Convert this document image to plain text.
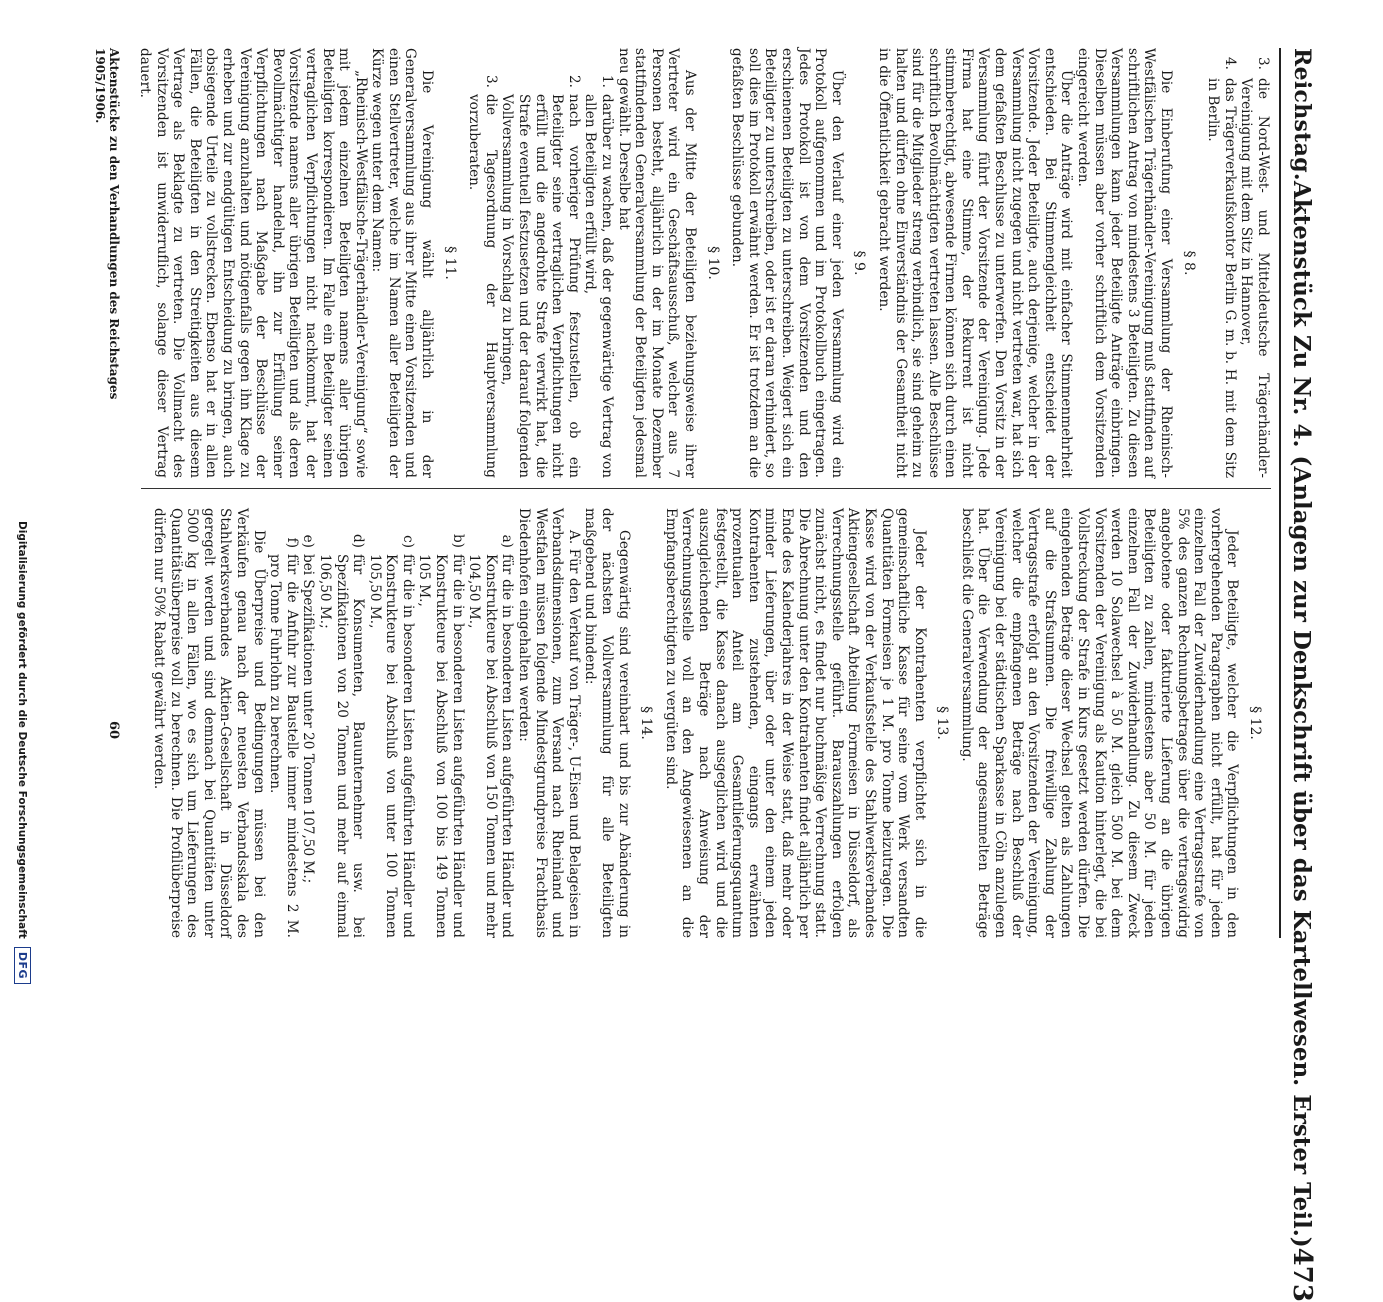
Reichstag.
Aktenstück Zu Nr. 4. (Anlagen zur Denkschrift über das Kartellwesen. Erster Teil.)
473
3.
die Nord-West- und Mitteldeutsche Trägerhändler-Vereinigung mit dem Sitz in Hannover,
4.
das Trägerverkaufskontor Berlin G. m. b. H. mit dem Sitz in Berlin.
§ 8.

Die Einberufung einer Versammlung der Rheinisch-Westfälischen Trägerhändler-Vereinigung muß stattfinden auf schriftlichen Antrag von mindestens 3 Beteiligten. Zu diesen Versammlungen kann jeder Beteiligte Anträge einbringen. Dieselben müssen aber vorher schriftlich dem Vorsitzenden eingereicht werden.

Über die Anträge wird mit einfacher Stimmenmehrheit entschieden. Bei Stimmengleichheit entscheidet der Vorsitzende. Jeder Beteiligte, auch derjenige, welcher in der Versammlung nicht zugegen und nicht vertreten war, hat sich dem gefaßten Beschlusse zu unterwerfen. Den Vorsitz in der Versammlung führt der Vorsitzende der Vereinigung. Jede Firma hat eine Stimme, der Rekurrent ist nicht stimmberechtigt, abwesende Firmen können sich durch einen schriftlich Bevollmächtigten vertreten lassen. Alle Beschlüsse sind für die Mitglieder streng verbindlich, sie sind geheim zu halten und dürfen ohne Einverständnis der Gesamtheit nicht in die Öffentlichkeit gebracht werden.

§ 9.

Über den Verlauf einer jeden Versammlung wird ein Protokoll aufgenommen und im Protokollbuch eingetragen. Jedes Protokoll ist von dem Vorsitzenden und den erschienenen Beteiligten zu unterschreiben. Weigert sich ein Beteiligter zu unterschreiben, oder ist er daran verhindert, so soll dies im Protokoll erwähnt werden. Er ist trotzdem an die gefaßten Beschlüsse gebunden.

§ 10.

Aus der Mitte der Beteiligten beziehungsweise ihrer Vertreter wird ein Geschäftsausschuß, welcher aus 7 Personen besteht, alljährlich in der im Monate Dezember stattfindenden Generalversammlung der Beteiligten jedesmal neu gewählt. Derselbe hat

1.
darüber zu wachen, daß der gegenwärtige Vertrag von allen Beteiligten erfüllt wird,
2.
nach vorheriger Prüfung festzustellen, ob ein Beteiligter seine vertraglichen Verpflichtungen nicht erfüllt und die angedrohte Strafe verwirkt hat, die Strafe eventuell festzusetzen und der darauf folgenden Vollversammlung in Vorschlag zu bringen,
3.
die Tagesordnung der Hauptversammlung vorzuberaten.
§ 11.

Die Vereinigung wählt alljährlich in der Generalversammlung aus ihrer Mitte einen Vorsitzenden und einen Stellvertreter, welche im Namen aller Beteiligten der Kürze wegen unter dem Namen:

„Rheinisch-Westfälische-Trägerhändler-Vereinigung“ sowie mit jedem einzelnen Beteiligten namens aller übrigen Beteiligten korrespondieren. Im Falle ein Beteiligter seinen vertraglichen Verpflichtungen nicht nachkommt, hat der Vorsitzende namens aller übrigen Beteiligten und als deren Bevollmächtigter handelnd, ihn zur Erfüllung seiner Verpflichtungen nach Maßgabe der Beschlüsse der Vereinigung anzuhalten und nötigenfalls gegen ihn Klage zu erheben und zur endgültigen Entscheidung zu bringen, auch obsiegende Urteile zu vollstrecken. Ebenso hat er in allen Fällen, die Beteiligten in den Streitigkeiten aus diesem Vertrage als Beklagte zu vertreten. Die Vollmacht des Vorsitzenden ist unwiderruflich, solange dieser Vertrag dauert.

§ 12.

Jeder Beteiligte, welcher die Verpflichtungen in den vorhergehenden Paragraphen nicht erfüllt, hat für jeden einzelnen Fall der Zuwiderhandlung eine Vertragsstrafe von 5% des ganzen Rechnungsbetrages über die vertragswidrig angebotene oder fakturierte Lieferung an die übrigen Beteiligten zu zahlen, mindestens aber 50 M. für jeden einzelnen Fall der Zuwiderhandlung. Zu diesem Zweck werden 10 Solawechsel à 50 M. gleich 500 M. bei dem Vorsitzenden der Vereinigung als Kaution hinterlegt, die bei Vollstreckung der Strafe in Kurs gesetzt werden dürfen. Die eingehenden Beträge dieser Wechsel gelten als Zahlungen auf die Strafsummen. Die freiwillige Zahlung der Vertragsstrafe erfolgt an den Vorsitzenden der Vereinigung, welcher die empfangenen Beträge nach Beschluß der Vereinigung bei der städtischen Sparkasse in Cöln anzulegen hat. Über die Verwendung der angesammelten Beträge beschließt die Generalversammlung.

§ 13.

Jeder der Kontrahenten verpflichtet sich in die gemeinschaftliche Kasse für seine vom Werk versandten Quantitäten Formeisen je 1 M. pro Tonne beizutragen. Die Kasse wird von der Verkaufsstelle des Stahlwerksverbandes Aktiengesellschaft Abteilung Formeisen in Düsseldorf, als Verrechnungsstelle geführt. Barauszahlungen erfolgen zunächst nicht, es findet nur buchmäßige Verrechnung statt. Die Abrechnung unter den Kontrahenten findet alljährlich per Ende des Kalenderjahres in der Weise statt, daß mehr oder minder Lieferungen, über oder unter den einem jeden Kontrahenten zustehenden, eingangs erwähnten prozentualen Anteil am Gesamtlieferungsquantum festgestellt, die Kasse danach ausgeglichen wird und die auszugleichenden Beträge nach Anweisung der Verrechnungsstelle voll an den Angewiesenen an die Empfangsberechtigten zu vergüten sind.

§ 14.

Gegenwärtig sind vereinbart und bis zur Abänderung in der nächsten Vollversammlung für alle Beteiligten maßgebend und bindend:

A. Für den Verkauf von Träger-, U-Eisen und Belageisen in Verbandsdimensionen, zum Versand nach Rheinland und Westfalen müssen folgende Mindestgrundpreise Frachtbasis Diedenhofen eingehalten werden:

a)
für die in besonderen Listen aufgeführten Händler und Konstrukteure bei Abschluß von 150 Tonnen und mehr 104,50 M.,
b)
für die in besonderen Listen aufgeführten Händler und Konstrukteure bei Abschluß von 100 bis 149 Tonnen 105 M.,
c)
für die in besonderen Listen aufgeführten Händler und Konstrukteure bei Abschluß von unter 100 Tonnen 105,50 M.,
d)
für Konsumenten, Bauunternehmer usw. bei Spezifikationen von 20 Tonnen und mehr auf einmal 106,50 M.;
e)
bei Spezifikationen unter 20 Tonnen 107,50 M.;
f)
für die Anfuhr zur Baustelle immer mindestens 2 M. pro Tonne Fuhrlohn zu berechnen.

Die Überpreise und Bedingungen müssen bei den Verkäufen genau nach der neuesten Verbandsskala des Stahlwerksverbandes Aktien-Gesellschaft in Düsseldorf geregelt werden und sind demnach bei Quantitäten unter 5000 kg in allen Fällen, wo es sich um Lieferungen des Quantitätsüberpreise voll zu berechnen. Die Profilüberpreise dürfen nur 50% Rabatt gewährt werden.

Aktenstücke zu den Verhandlungen des Reichstages 1905/1906.
60
Digitalisierung gefördert durch die Deutsche Forschungsgemeinschaft
DFG
